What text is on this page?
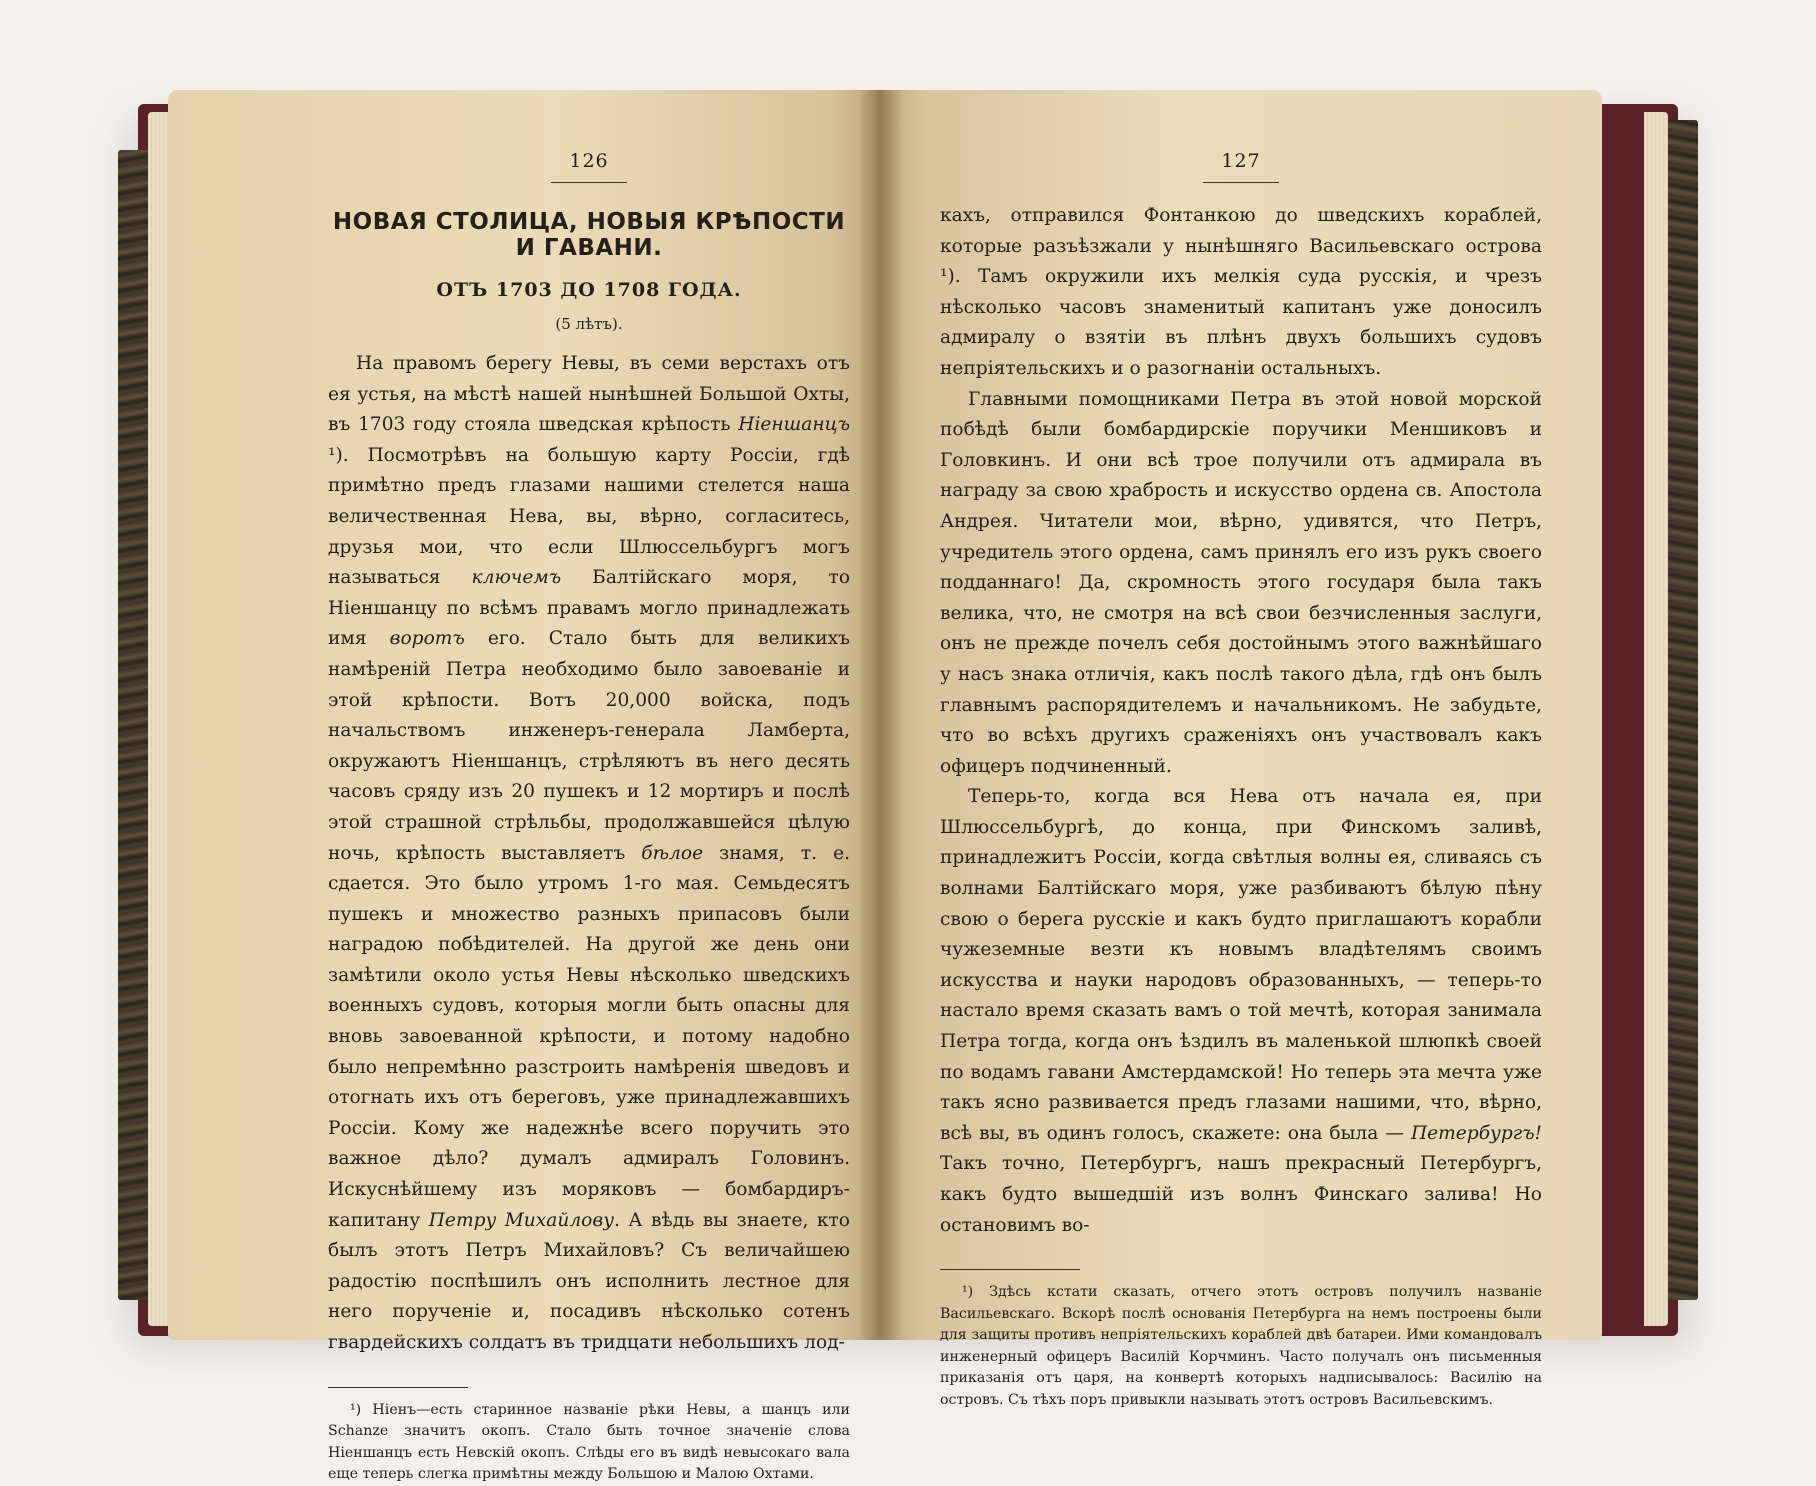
126
НОВАЯ СТОЛИЦА, НОВЫЯ КРѢПОСТИ И ГАВАНИ.
ОТЪ 1703 ДО 1708 ГОДА.
(5 лѣтъ).

На правомъ берегу Невы, въ семи верстахъ отъ ея устья, на мѣстѣ нашей нынѣшней Большой Охты, въ 1703 году стояла шведская крѣпость Ніеншанцъ ¹). Посмотрѣвъ на большую карту Россіи, гдѣ примѣтно предъ глазами нашими стелется наша величественная Нева, вы, вѣрно, согласитесь, друзья мои, что если Шлюссельбургъ могъ называться ключемъ Балтійскаго моря, то Ніеншанцу по всѣмъ правамъ могло принадлежать имя воротъ его. Стало быть для великихъ намѣреній Петра необходимо было завоеваніе и этой крѣпости. Вотъ 20,000 войска, подъ начальствомъ инженеръ-генерала Ламберта, окружаютъ Ніеншанцъ, стрѣляютъ въ него десять часовъ сряду изъ 20 пушекъ и 12 мортиръ и послѣ этой страшной стрѣльбы, продолжавшейся цѣлую ночь, крѣпость выставляетъ бѣлое знамя, т. е. сдается. Это было утромъ 1-го мая. Семьдесятъ пушекъ и множество разныхъ припасовъ были наградою побѣдителей. На другой же день они замѣтили около устья Невы нѣсколько шведскихъ военныхъ судовъ, которыя могли быть опасны для вновь завоеванной крѣпости, и потому надобно было непремѣнно разстроить намѣренія шведовъ и отогнать ихъ отъ береговъ, уже принадлежавшихъ Россіи. Кому же надежнѣе всего поручить это важное дѣло? думалъ адмиралъ Головинъ. Искуснѣйшему изъ моряковъ — бомбардиръ-капитану Петру Михайлову. А вѣдь вы знаете, кто былъ этотъ Петръ Михайловъ? Съ величайшею радостію поспѣшилъ онъ исполнить лестное для него порученіе и, посадивъ нѣсколько сотенъ гвардейскихъ солдатъ въ тридцати небольшихъ лод-

¹) Ніенъ—есть старинное названіе рѣки Невы, а шанцъ или Schanze значитъ окопъ. Стало быть точное значеніе слова Ніеншанцъ есть Невскій окопъ. Слѣды его въ видѣ невысокаго вала еще теперь слегка примѣтны между Большою и Малою Охтами.

127

кахъ, отправился Фонтанкою до шведскихъ кораблей, которые разъѣзжали у нынѣшняго Васильевскаго острова ¹). Тамъ окружили ихъ мелкія суда русскія, и чрезъ нѣсколько часовъ знаменитый капитанъ уже доносилъ адмиралу о взятіи въ плѣнъ двухъ большихъ судовъ непріятельскихъ и о разогнаніи остальныхъ.

Главными помощниками Петра въ этой новой морской побѣдѣ были бомбардирскіе поручики Меншиковъ и Головкинъ. И они всѣ трое получили отъ адмирала въ награду за свою храбрость и искусство ордена св. Апостола Андрея. Читатели мои, вѣрно, удивятся, что Петръ, учредитель этого ордена, самъ принялъ его изъ рукъ своего подданнаго! Да, скромность этого государя была такъ велика, что, не смотря на всѣ свои безчисленныя заслуги, онъ не прежде почелъ себя достойнымъ этого важнѣйшаго у насъ знака отличія, какъ послѣ такого дѣла, гдѣ онъ былъ главнымъ распорядителемъ и начальникомъ. Не забудьте, что во всѣхъ другихъ сраженіяхъ онъ участвовалъ какъ офицеръ подчиненный.

Теперь-то, когда вся Нева отъ начала ея, при Шлюссельбургѣ, до конца, при Финскомъ заливѣ, принадлежитъ Россіи, когда свѣтлыя волны ея, сливаясь съ волнами Балтійскаго моря, уже разбиваютъ бѣлую пѣну свою о берега русскіе и какъ будто приглашаютъ корабли чужеземные везти къ новымъ владѣтелямъ своимъ искусства и науки народовъ образованныхъ, — теперь-то настало время сказать вамъ о той мечтѣ, которая занимала Петра тогда, когда онъ ѣздилъ въ маленькой шлюпкѣ своей по водамъ гавани Амстердамской! Но теперь эта мечта уже такъ ясно развивается предъ глазами нашими, что, вѣрно, всѣ вы, въ одинъ голосъ, скажете: она была — Петербургъ! Такъ точно, Петербургъ, нашъ прекрасный Петербургъ, какъ будто вышедшій изъ волнъ Финскаго залива! Но остановимъ во-

¹) Здѣсь кстати сказать, отчего этотъ островъ получилъ названіе Васильевскаго. Вскорѣ послѣ основанія Петербурга на немъ построены были для защиты противъ непріятельскихъ кораблей двѣ батареи. Ими командовалъ инженерный офицеръ Василій Корчминъ. Часто получалъ онъ письменныя приказанія отъ царя, на конвертѣ которыхъ надписывалось: Василію на островъ. Съ тѣхъ поръ привыкли называть этотъ островъ Васильевскимъ.
